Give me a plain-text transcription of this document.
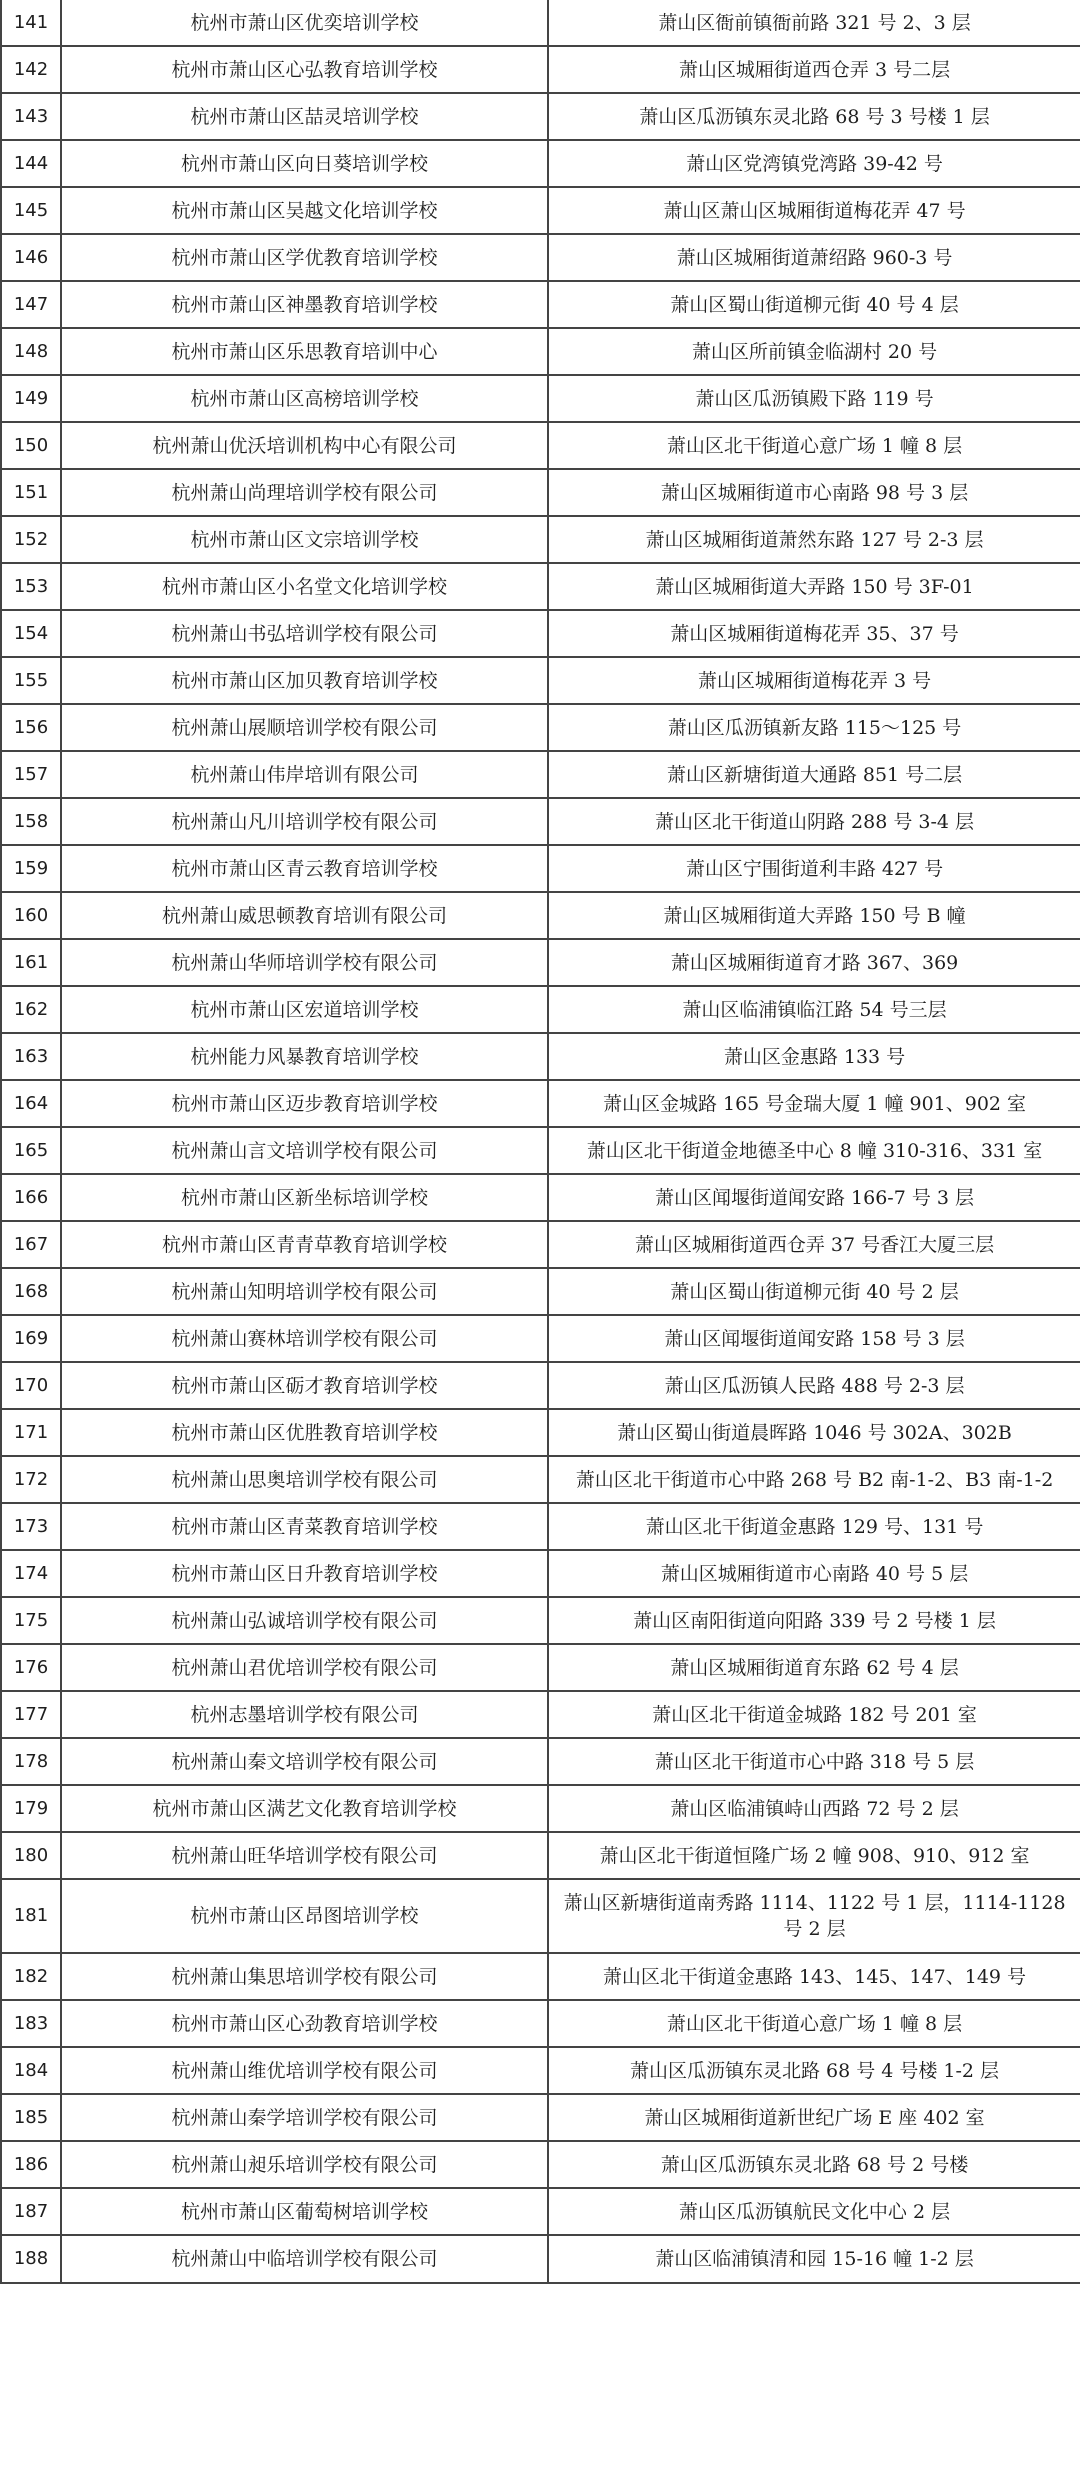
141	杭州市萧山区优奕培训学校	萧山区衙前镇衙前路 321 号 2、3 层
142	杭州市萧山区心弘教育培训学校	萧山区城厢街道西仓弄 3 号二层
143	杭州市萧山区喆灵培训学校	萧山区瓜沥镇东灵北路 68 号 3 号楼 1 层
144	杭州市萧山区向日葵培训学校	萧山区党湾镇党湾路 39-42 号
145	杭州市萧山区吴越文化培训学校	萧山区萧山区城厢街道梅花弄 47 号
146	杭州市萧山区学优教育培训学校	萧山区城厢街道萧绍路 960-3 号
147	杭州市萧山区神墨教育培训学校	萧山区蜀山街道柳元街 40 号 4 层
148	杭州市萧山区乐思教育培训中心	萧山区所前镇金临湖村 20 号
149	杭州市萧山区高榜培训学校	萧山区瓜沥镇殿下路 119 号
150	杭州萧山优沃培训机构中心有限公司	萧山区北干街道心意广场 1 幢 8 层
151	杭州萧山尚理培训学校有限公司	萧山区城厢街道市心南路 98 号 3 层
152	杭州市萧山区文宗培训学校	萧山区城厢街道萧然东路 127 号 2-3 层
153	杭州市萧山区小名堂文化培训学校	萧山区城厢街道大弄路 150 号 3F-01
154	杭州萧山书弘培训学校有限公司	萧山区城厢街道梅花弄 35、37 号
155	杭州市萧山区加贝教育培训学校	萧山区城厢街道梅花弄 3 号
156	杭州萧山展顺培训学校有限公司	萧山区瓜沥镇新友路 115～125 号
157	杭州萧山伟岸培训有限公司	萧山区新塘街道大通路 851 号二层
158	杭州萧山凡川培训学校有限公司	萧山区北干街道山阴路 288 号 3-4 层
159	杭州市萧山区青云教育培训学校	萧山区宁围街道利丰路 427 号
160	杭州萧山威思顿教育培训有限公司	萧山区城厢街道大弄路 150 号 B 幢
161	杭州萧山华师培训学校有限公司	萧山区城厢街道育才路 367、369
162	杭州市萧山区宏道培训学校	萧山区临浦镇临江路 54 号三层
163	杭州能力风暴教育培训学校	萧山区金惠路 133 号
164	杭州市萧山区迈步教育培训学校	萧山区金城路 165 号金瑞大厦 1 幢 901、902 室
165	杭州萧山言文培训学校有限公司	萧山区北干街道金地德圣中心 8 幢 310-316、331 室
166	杭州市萧山区新坐标培训学校	萧山区闻堰街道闻安路 166-7 号 3 层
167	杭州市萧山区青青草教育培训学校	萧山区城厢街道西仓弄 37 号香江大厦三层
168	杭州萧山知明培训学校有限公司	萧山区蜀山街道柳元街 40 号 2 层
169	杭州萧山赛林培训学校有限公司	萧山区闻堰街道闻安路 158 号 3 层
170	杭州市萧山区砺才教育培训学校	萧山区瓜沥镇人民路 488 号 2-3 层
171	杭州市萧山区优胜教育培训学校	萧山区蜀山街道晨晖路 1046 号 302A、302B
172	杭州萧山思奥培训学校有限公司	萧山区北干街道市心中路 268 号 B2 南-1-2、B3 南-1-2
173	杭州市萧山区青菜教育培训学校	萧山区北干街道金惠路 129 号、131 号
174	杭州市萧山区日升教育培训学校	萧山区城厢街道市心南路 40 号 5 层
175	杭州萧山弘诚培训学校有限公司	萧山区南阳街道向阳路 339 号 2 号楼 1 层
176	杭州萧山君优培训学校有限公司	萧山区城厢街道育东路 62 号 4 层
177	杭州志墨培训学校有限公司	萧山区北干街道金城路 182 号 201 室
178	杭州萧山秦文培训学校有限公司	萧山区北干街道市心中路 318 号 5 层
179	杭州市萧山区满艺文化教育培训学校	萧山区临浦镇峙山西路 72 号 2 层
180	杭州萧山旺华培训学校有限公司	萧山区北干街道恒隆广场 2 幢 908、910、912 室
181	杭州市萧山区昂图培训学校	萧山区新塘街道南秀路 1114、1122 号 1 层，1114-1128 号 2 层
182	杭州萧山集思培训学校有限公司	萧山区北干街道金惠路 143、145、147、149 号
183	杭州市萧山区心劲教育培训学校	萧山区北干街道心意广场 1 幢 8 层
184	杭州萧山维优培训学校有限公司	萧山区瓜沥镇东灵北路 68 号 4 号楼 1-2 层
185	杭州萧山秦学培训学校有限公司	萧山区城厢街道新世纪广场 E 座 402 室
186	杭州萧山昶乐培训学校有限公司	萧山区瓜沥镇东灵北路 68 号 2 号楼
187	杭州市萧山区葡萄树培训学校	萧山区瓜沥镇航民文化中心 2 层
188	杭州萧山中临培训学校有限公司	萧山区临浦镇清和园 15-16 幢 1-2 层
